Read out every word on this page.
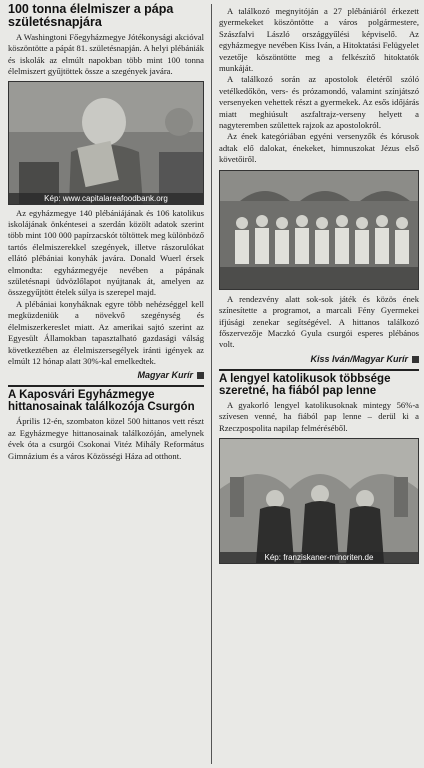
100 tonna élelmiszer a pápa születésnapjára

A Washingtoni Főegyházmegye Jótékonysági akcióval köszöntötte a pápát 81. születésnapján. A helyi plébániák és iskolák az elmúlt napokban több mint 100 tonna élelmiszert gyűjtöttek össze a szegények javára.

Kép: www.capitalareafoodbank.org

Az egyházmegye 140 plébániájának és 106 katolikus iskolájának önkéntesei a szerdán közölt adatok szerint több mint 100 000 papírzacskót töltöttek meg különböző tartós élelmiszerekkel szegények, illetve rászorulókat ellátó plébániai konyhák javára. Donald Wuerl érsek elmondta: egyházmegyéje nevében a pápának születésnapi üdvözlőlapot nyújtanak át, amelyen az összegyűjtött ételek súlya is szerepel majd.

A plébániai konyháknak egyre több nehézséggel kell megküzdeniük a növekvő szegénység és élelmiszerkereslet miatt. Az amerikai sajtó szerint az Egyesült Államokban tapasztalható gazdasági válság következtében az élelmiszersegélyek iránti igények az elmúlt 12 hónap alatt 30%-kal emelkedtek.

Magyar Kurír
A Kaposvári Egyházmegye hittanosainak találkozója Csurgón

Április 12-én, szombaton közel 500 hittanos vett részt az Egyházmegye hittanosainak találkozóján, amelynek évek óta a csurgói Csokonai Vitéz Mihály Református Gimnázium és a város Közösségi Háza ad otthont.

A találkozó megnyitóján a 27 plébániáról érkezett gyermekeket köszöntötte a város polgármestere, Szászfalvi László országgyűlési képviselő. Az egyházmegye nevében Kiss Iván, a Hitoktatási Felügyelet vezetője köszöntötte meg a felkészítő hitoktatók munkáját.

A találkozó során az apostolok életéről szóló vetélkedőkön, vers- és prózamondó, valamint színjátszó versenyeken vehettek részt a gyermekek. Az esős időjárás miatt meghiúsult aszfaltrajz-verseny helyett a nagyteremben születtek rajzok az apostolokról.

Az ének kategóriában egyéni versenyzők és kórusok adtak elő dalokat, énekeket, himnuszokat Jézus első követőiről.

A rendezvény alatt sok-sok játék és közös ének színesítette a programot, a marcali Fény Gyermekei ifjúsági zenekar segítségével. A hittanos találkozó főszervezője Maczkó Gyula csurgói esperes plébános volt.

Kiss Iván/Magyar Kurír
A lengyel katolikusok többsége szeretné, ha fiából pap lenne

A gyakorló lengyel katolikusoknak mintegy 56%-a szívesen venné, ha fiából pap lenne – derül ki a Rzeczpospolita napilap felméréséből.

Kép: franziskaner-minoriten.de
